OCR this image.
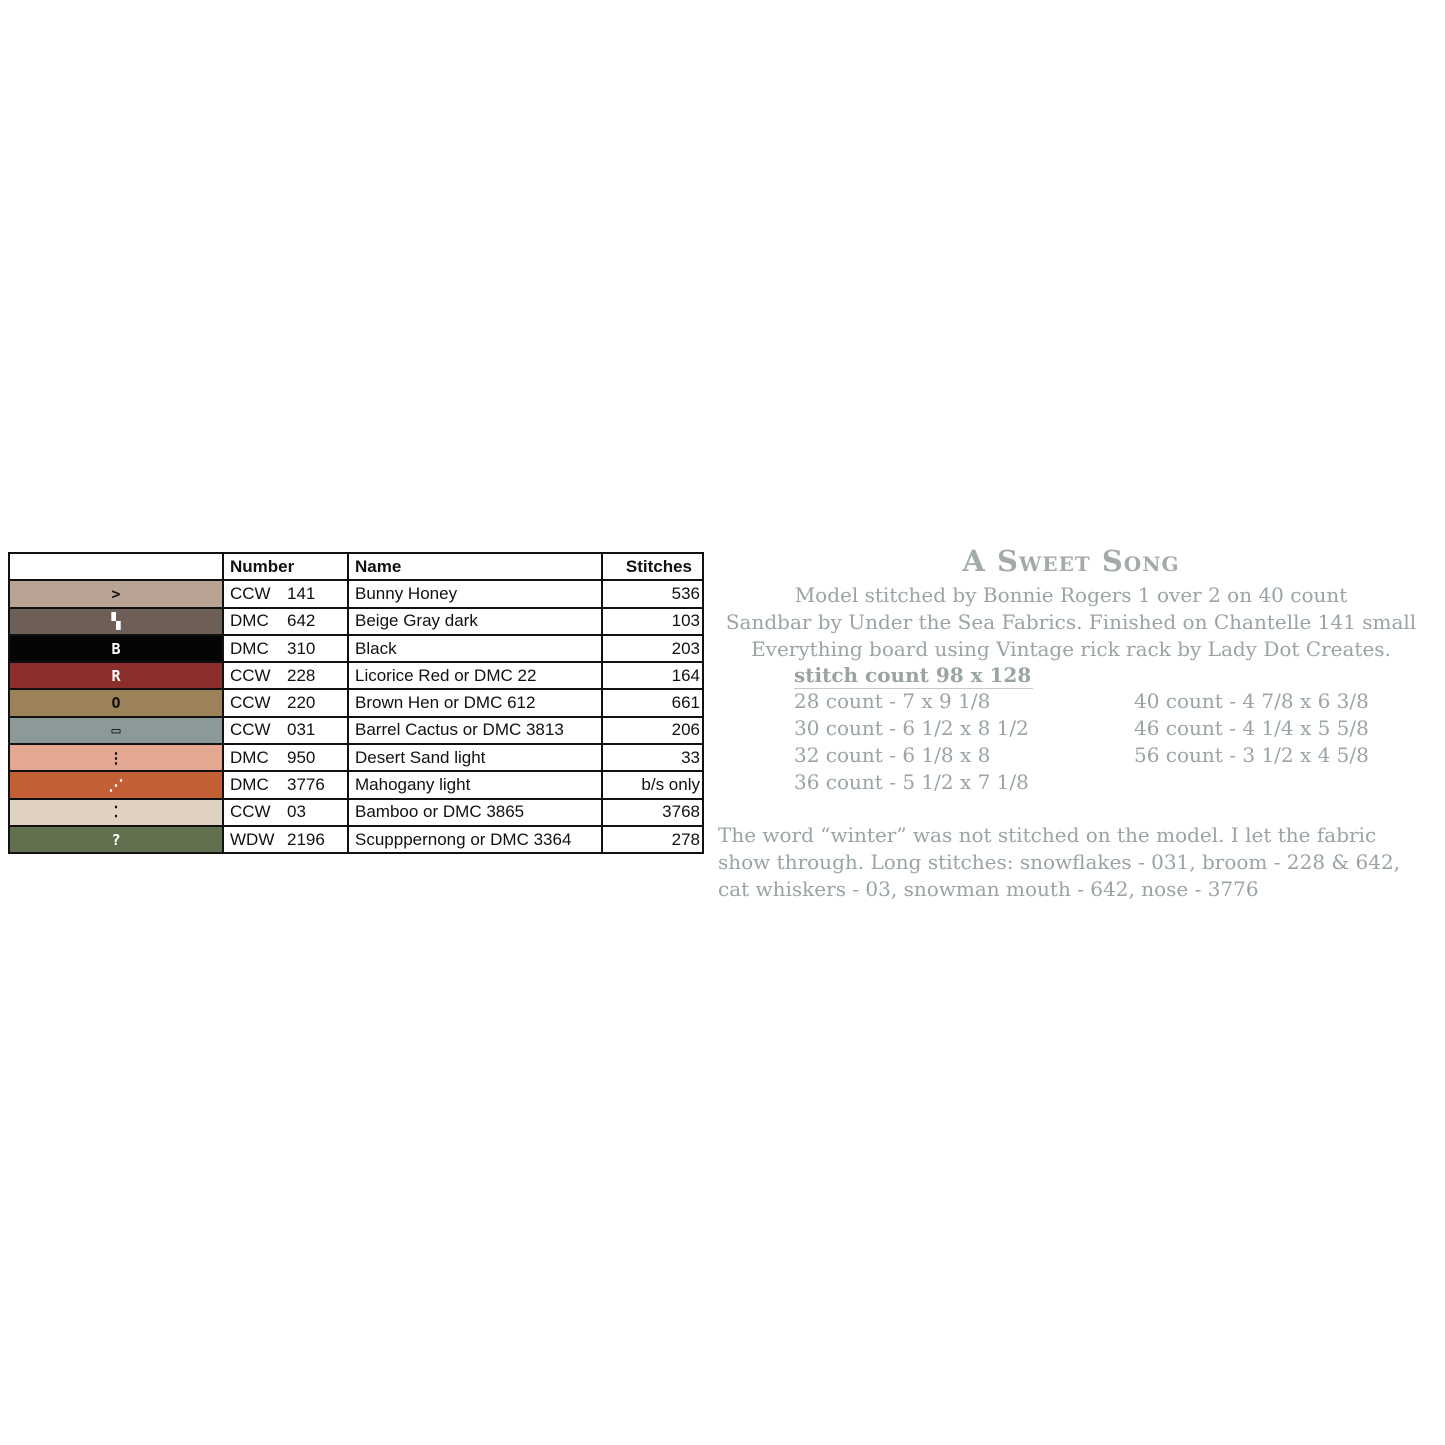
	Number	Name	Stitches
>	CCW 141	Bunny Honey	536
▚	DMC 642	Beige Gray dark	103
B	DMC 310	Black	203
R	CCW 228	Licorice Red or DMC 22	164
O	CCW 220	Brown Hen or DMC 612	661
▭	CCW 031	Barrel Cactus or DMC 3813	206
⋮	DMC 950	Desert Sand light	33
⋰	DMC 3776	Mahogany light	b/s only
⁚	CCW 03	Bamboo or DMC 3865	3768
?	WDW 2196	Scupppernong or DMC 3364	278
A Sweet Song
Model stitched by Bonnie Rogers 1 over 2 on 40 count
Sandbar by Under the Sea Fabrics. Finished on Chantelle 141 small
Everything board using Vintage rick rack by Lady Dot Creates.
stitch count 98 x 128
28 count - 7 x 9 1/8
30 count - 6 1/2 x 8 1/2
32 count - 6 1/8 x 8
36 count - 5 1/2 x 7 1/8
40 count - 4 7/8 x 6 3/8
46 count - 4 1/4 x 5 5/8
56 count - 3 1/2 x 4 5/8
The word “winter” was not stitched on the model. I let the fabric show through. Long stitches: snowflakes - 031, broom - 228 & 642, cat whiskers - 03, snowman mouth - 642, nose - 3776
